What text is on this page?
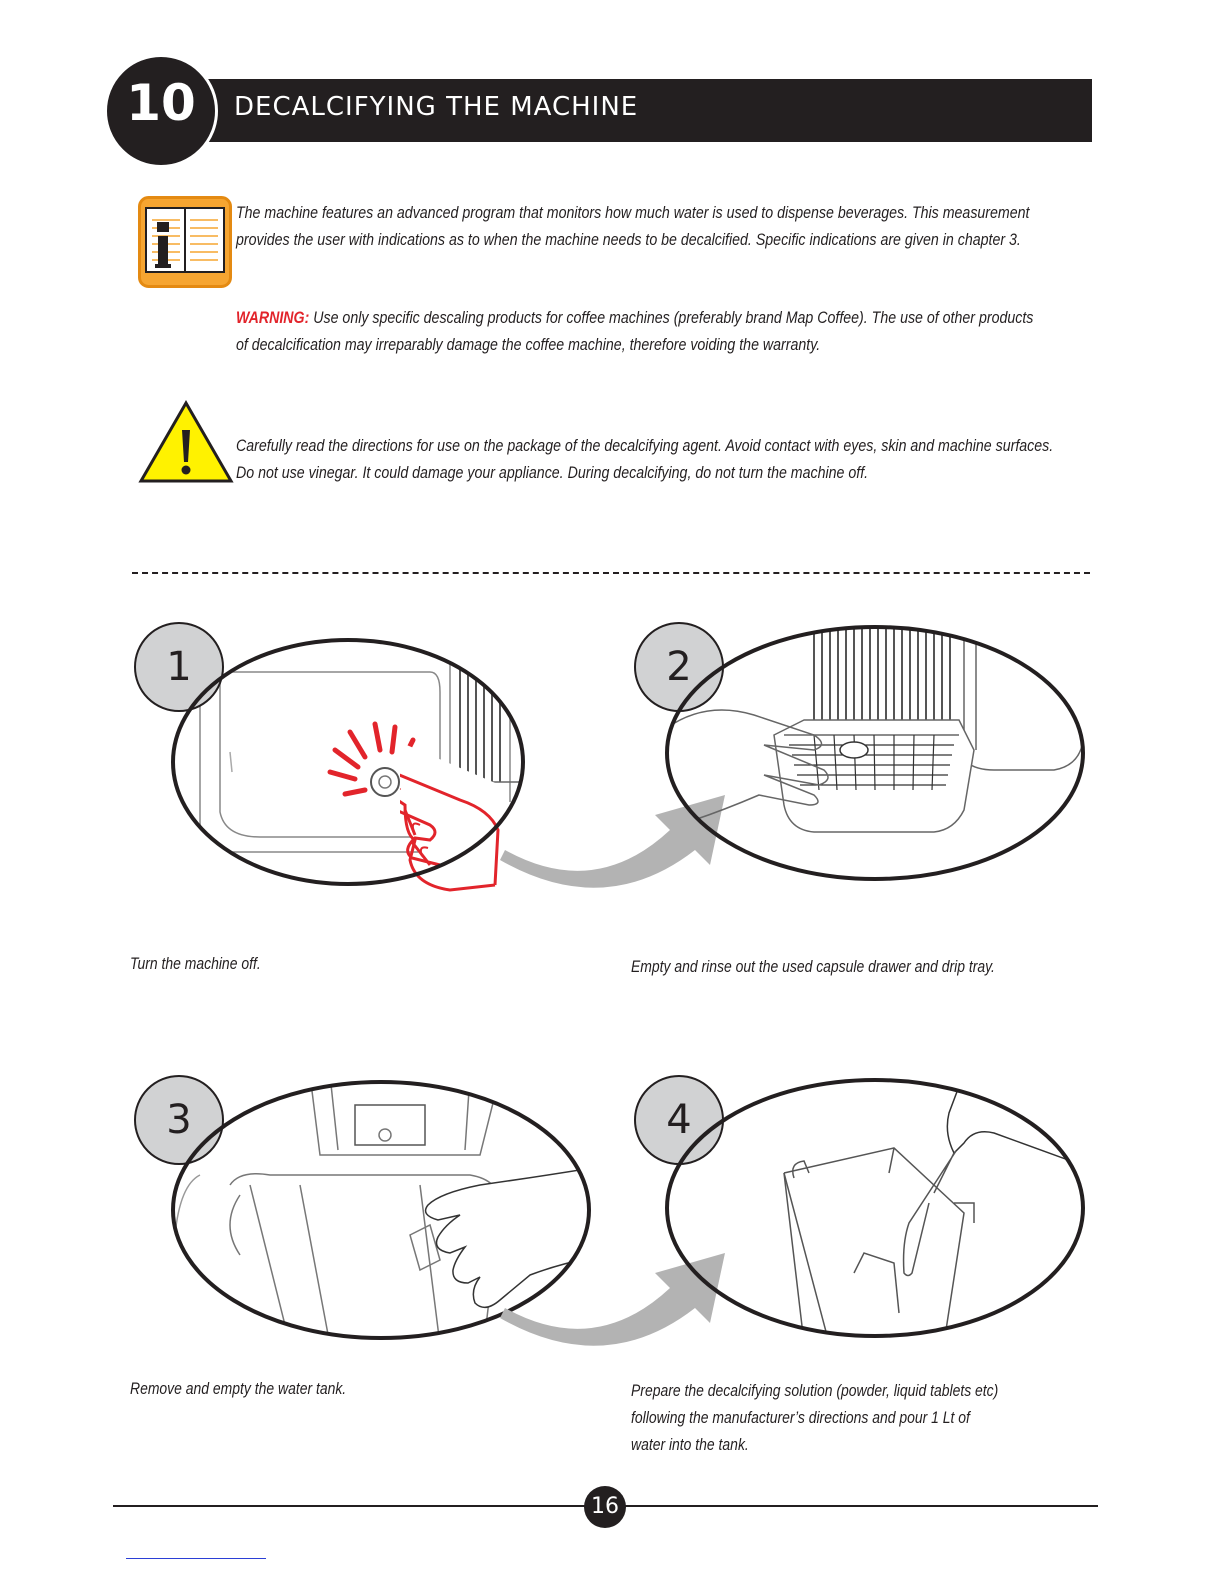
DECALCIFYING THE MACHINE
10
The machine features an advanced program that monitors how much water is used to dispense beverages. This measurement
provides the user with indications as to when the machine needs to be decalcified. Specific indications are given in chapter 3.
WARNING: Use only specific descaling products for coffee machines (preferably brand Map Coffee). The use of other products
of decalcification may irreparably damage the coffee machine, therefore voiding the warranty.
Carefully read the directions for use on the package of the decalcifying agent. Avoid contact with eyes, skin and machine surfaces.
Do not use vinegar. It could damage your appliance. During decalcifying, do not turn the machine off.
1	2
Turn the machine off.	Empty and rinse out the used capsule drawer and drip tray.
3	4
Remove and empty the water tank.	Prepare the decalcifying solution (powder, liquid tablets etc)
following the manufacturer’s directions and pour 1 Lt of
water into the tank.
16
